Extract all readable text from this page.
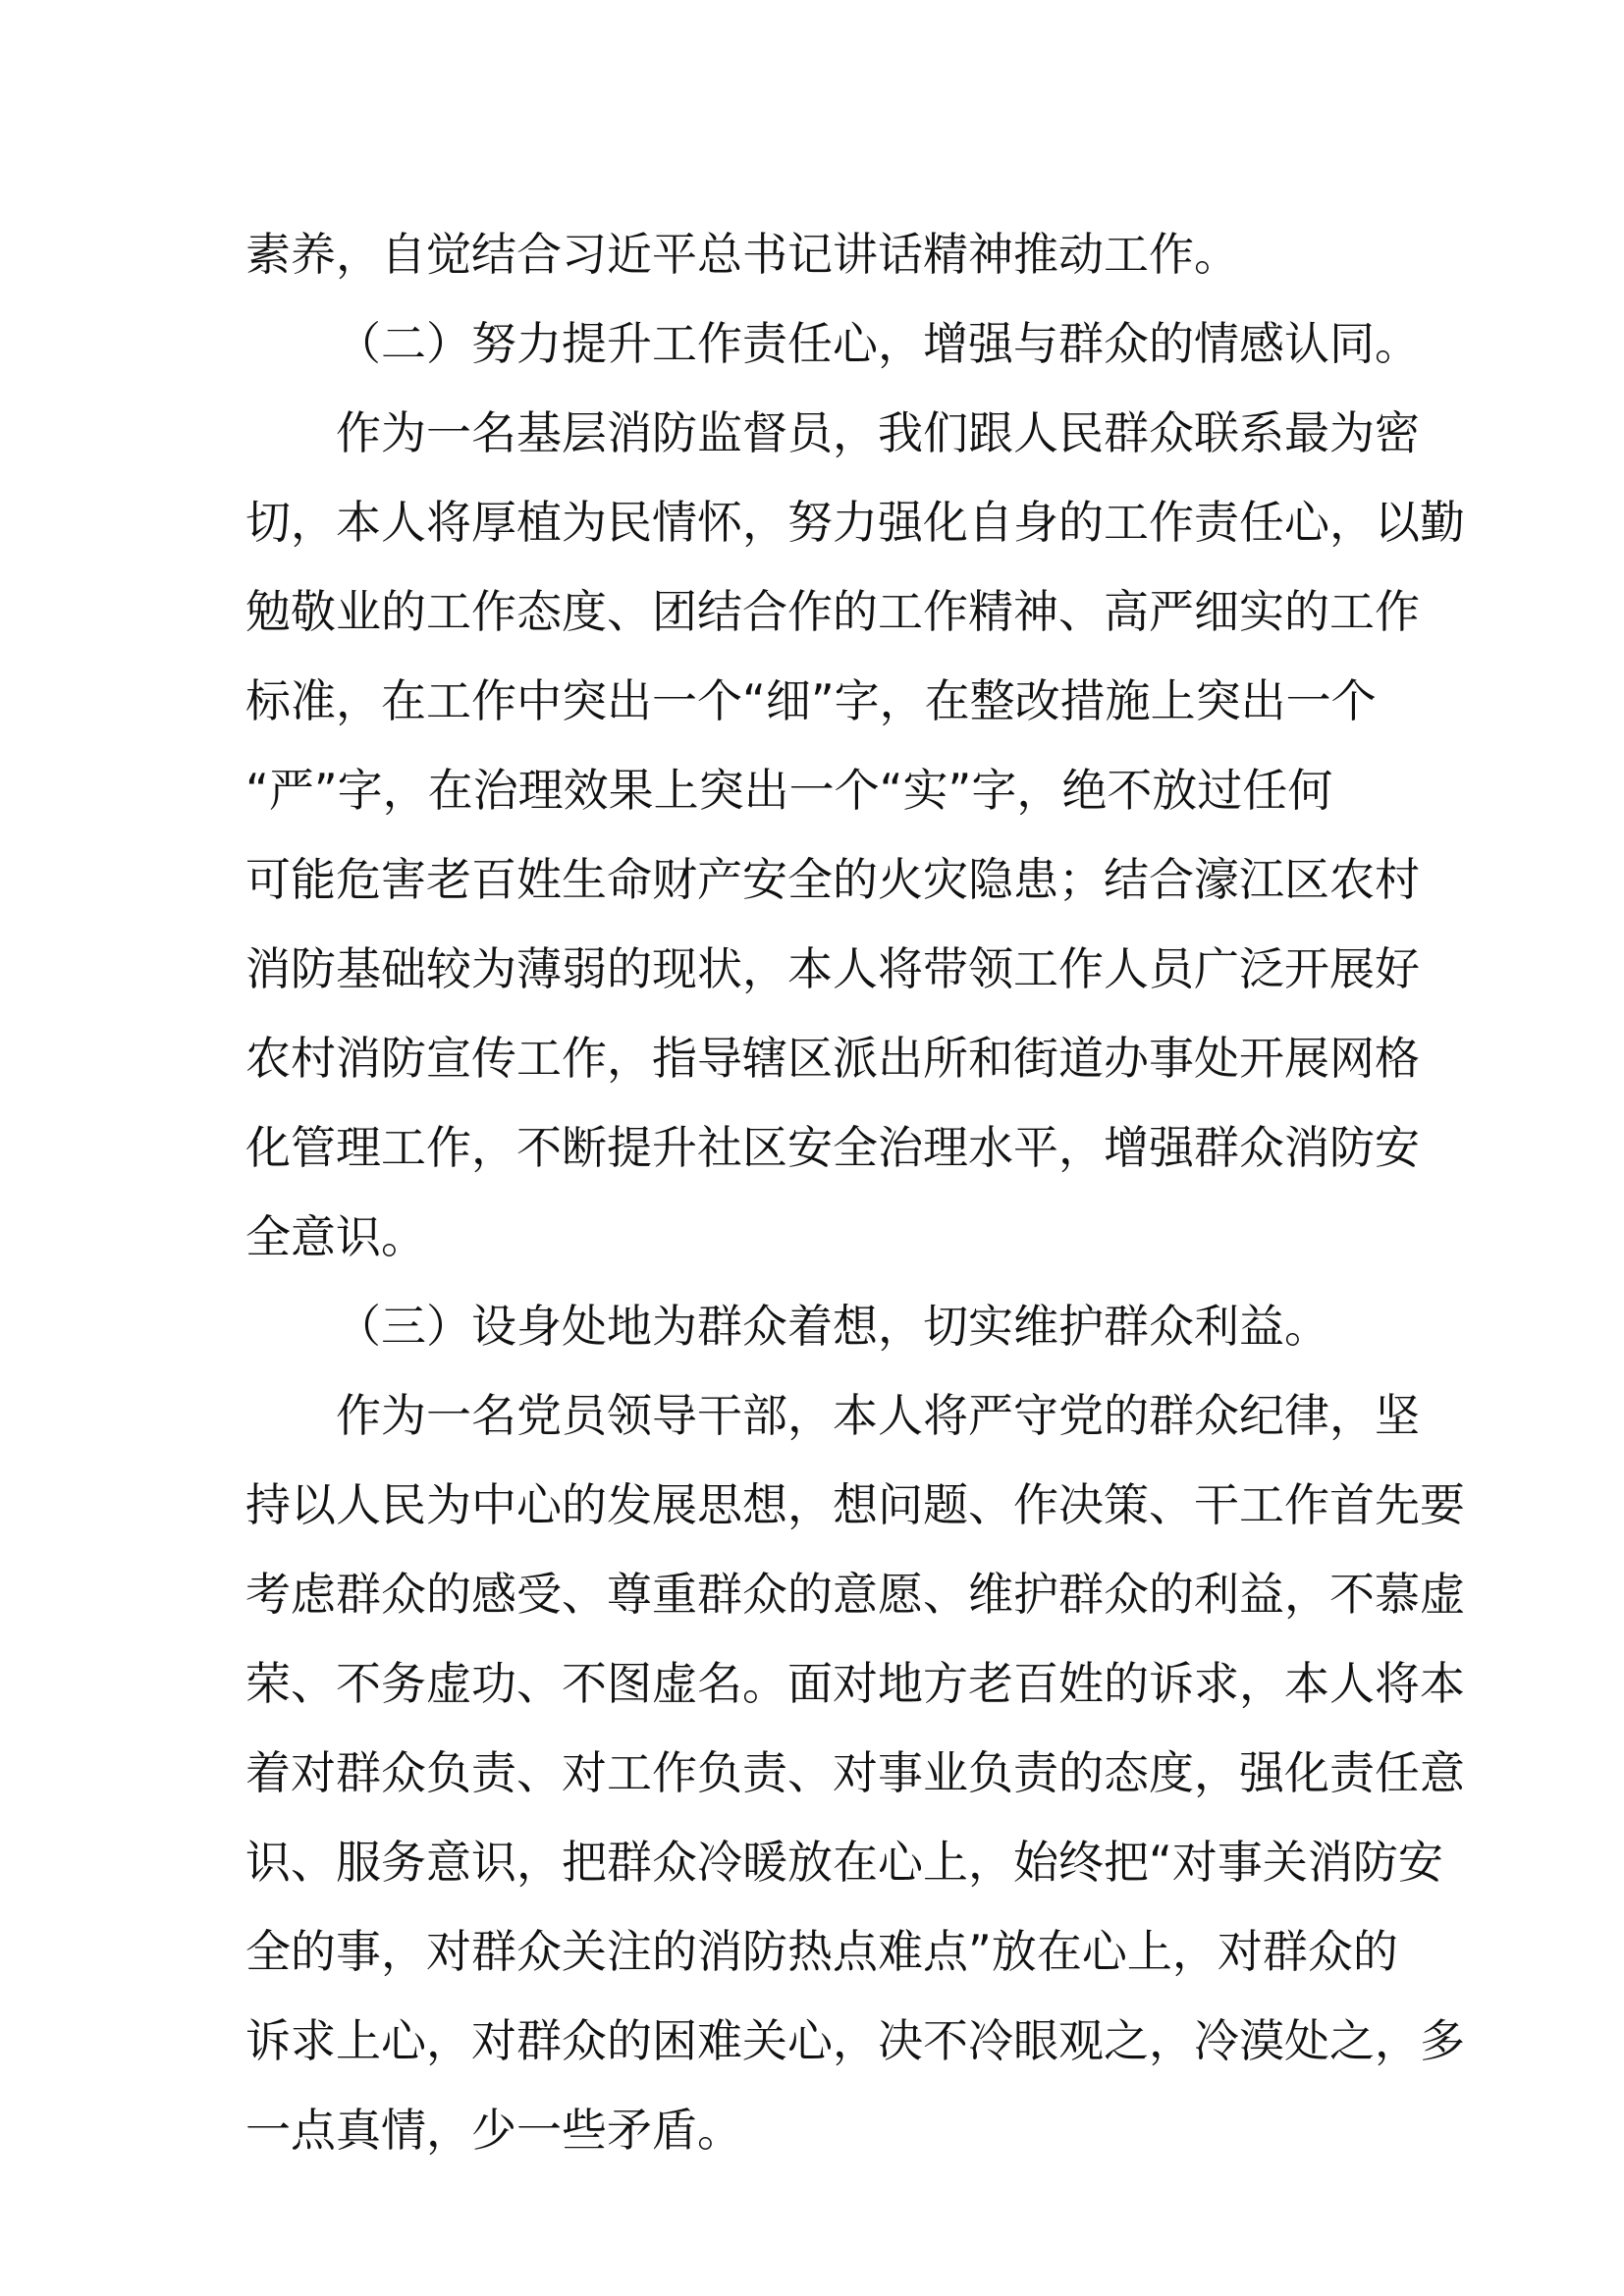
素养，自觉结合习近平总书记讲话精神推动工作。
（二）努力提升工作责任心，增强与群众的情感认同。
作为一名基层消防监督员，我们跟人民群众联系最为密
切，本人将厚植为民情怀，努力强化自身的工作责任心，以勤
勉敬业的工作态度、团结合作的工作精神、高严细实的工作
标准，在工作中突出一个“细”字，在整改措施上突出一个
“严”字，在治理效果上突出一个“实”字，绝不放过任何
可能危害老百姓生命财产安全的火灾隐患；结合濠江区农村
消防基础较为薄弱的现状，本人将带领工作人员广泛开展好
农村消防宣传工作，指导辖区派出所和街道办事处开展网格
化管理工作，不断提升社区安全治理水平，增强群众消防安
全意识。
（三）设身处地为群众着想，切实维护群众利益。
作为一名党员领导干部，本人将严守党的群众纪律，坚
持以人民为中心的发展思想，想问题、作决策、干工作首先要
考虑群众的感受、尊重群众的意愿、维护群众的利益，不慕虚
荣、不务虚功、不图虚名。面对地方老百姓的诉求，本人将本
着对群众负责、对工作负责、对事业负责的态度，强化责任意
识、服务意识，把群众冷暖放在心上，始终把“对事关消防安
全的事，对群众关注的消防热点难点”放在心上，对群众的
诉求上心，对群众的困难关心，决不冷眼观之，冷漠处之，多
一点真情，少一些矛盾。
